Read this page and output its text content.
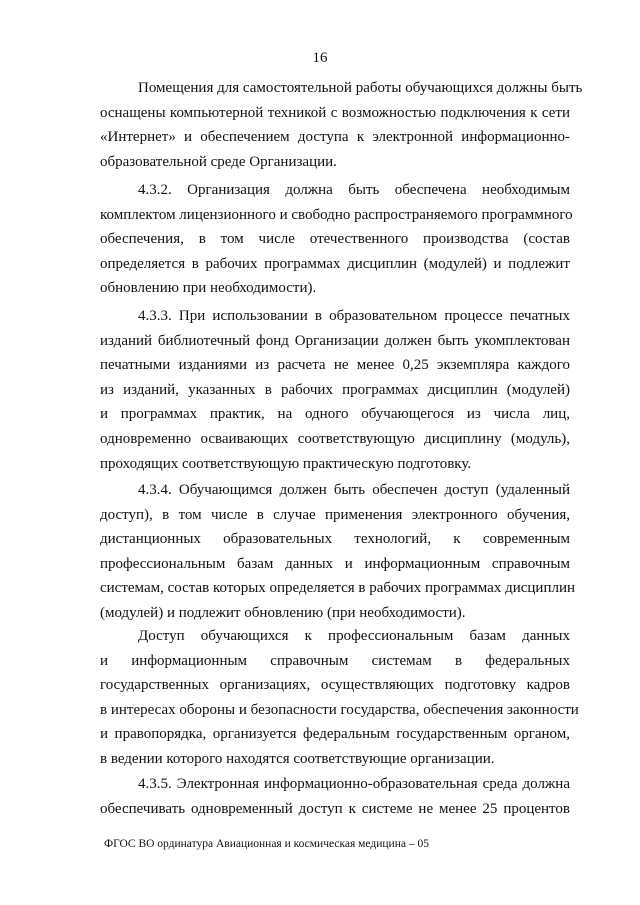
16
Помещения для самостоятельной работы обучающихся должны быть
оснащены компьютерной техникой с возможностью подключения к сети
«Интернет» и обеспечением доступа к электронной информационно-
образовательной среде Организации.
4.3.2. Организация должна быть обеспечена необходимым
комплектом лицензионного и свободно распространяемого программного
обеспечения, в том числе отечественного производства (состав
определяется в рабочих программах дисциплин (модулей) и подлежит
обновлению при необходимости).
4.3.3. При использовании в образовательном процессе печатных
изданий библиотечный фонд Организации должен быть укомплектован
печатными изданиями из расчета не менее 0,25 экземпляра каждого
из изданий, указанных в рабочих программах дисциплин (модулей)
и программах практик, на одного обучающегося из числа лиц,
одновременно осваивающих соответствующую дисциплину (модуль),
проходящих соответствующую практическую подготовку.
4.3.4. Обучающимся должен быть обеспечен доступ (удаленный
доступ), в том числе в случае применения электронного обучения,
дистанционных образовательных технологий, к современным
профессиональным базам данных и информационным справочным
системам, состав которых определяется в рабочих программах дисциплин
(модулей) и подлежит обновлению (при необходимости).
Доступ обучающихся к профессиональным базам данных
и информационным справочным системам в федеральных
государственных организациях, осуществляющих подготовку кадров
в интересах обороны и безопасности государства, обеспечения законности
и правопорядка, организуется федеральным государственным органом,
в ведении которого находятся соответствующие организации.
4.3.5. Электронная информационно-образовательная среда должна
обеспечивать одновременный доступ к системе не менее 25 процентов
ФГОС ВО ординатура Авиационная и космическая медицина – 05
